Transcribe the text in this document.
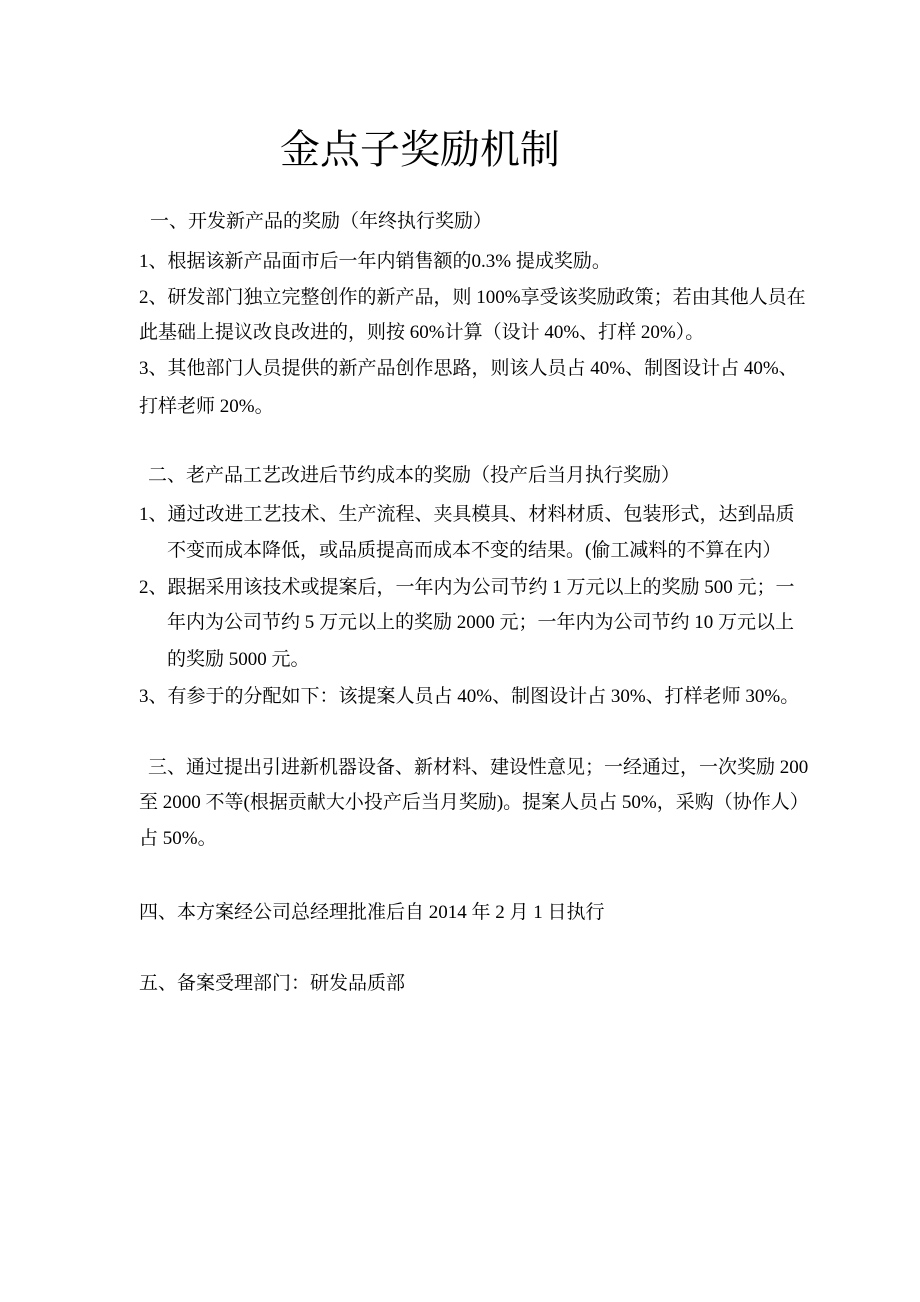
金点子奖励机制
一、开发新产品的奖励（年终执行奖励）
1、根据该新产品面市后一年内销售额的0.3% 提成奖励。
2、研发部门独立完整创作的新产品，则 100%享受该奖励政策；若由其他人员在
此基础上提议改良改进的，则按 60%计算（设计 40%、打样 20%）。
3、其他部门人员提供的新产品创作思路，则该人员占 40%、制图设计占 40%、
打样老师 20%。
二、老产品工艺改进后节约成本的奖励（投产后当月执行奖励）
1、通过改进工艺技术、生产流程、夹具模具、材料材质、包装形式，达到品质
不变而成本降低，或品质提高而成本不变的结果。(偷工减料的不算在内）
2、跟据采用该技术或提案后，一年内为公司节约 1 万元以上的奖励 500 元；一
年内为公司节约 5 万元以上的奖励 2000 元；一年内为公司节约 10 万元以上
的奖励 5000 元。
3、有参于的分配如下：该提案人员占 40%、制图设计占 30%、打样老师 30%。
三、通过提出引进新机器设备、新材料、建设性意见；一经通过，一次奖励 200
至 2000 不等(根据贡献大小投产后当月奖励)。提案人员占 50%，采购（协作人）
占 50%。
四、本方案经公司总经理批准后自 2014 年 2 月 1 日执行
五、备案受理部门：研发品质部
